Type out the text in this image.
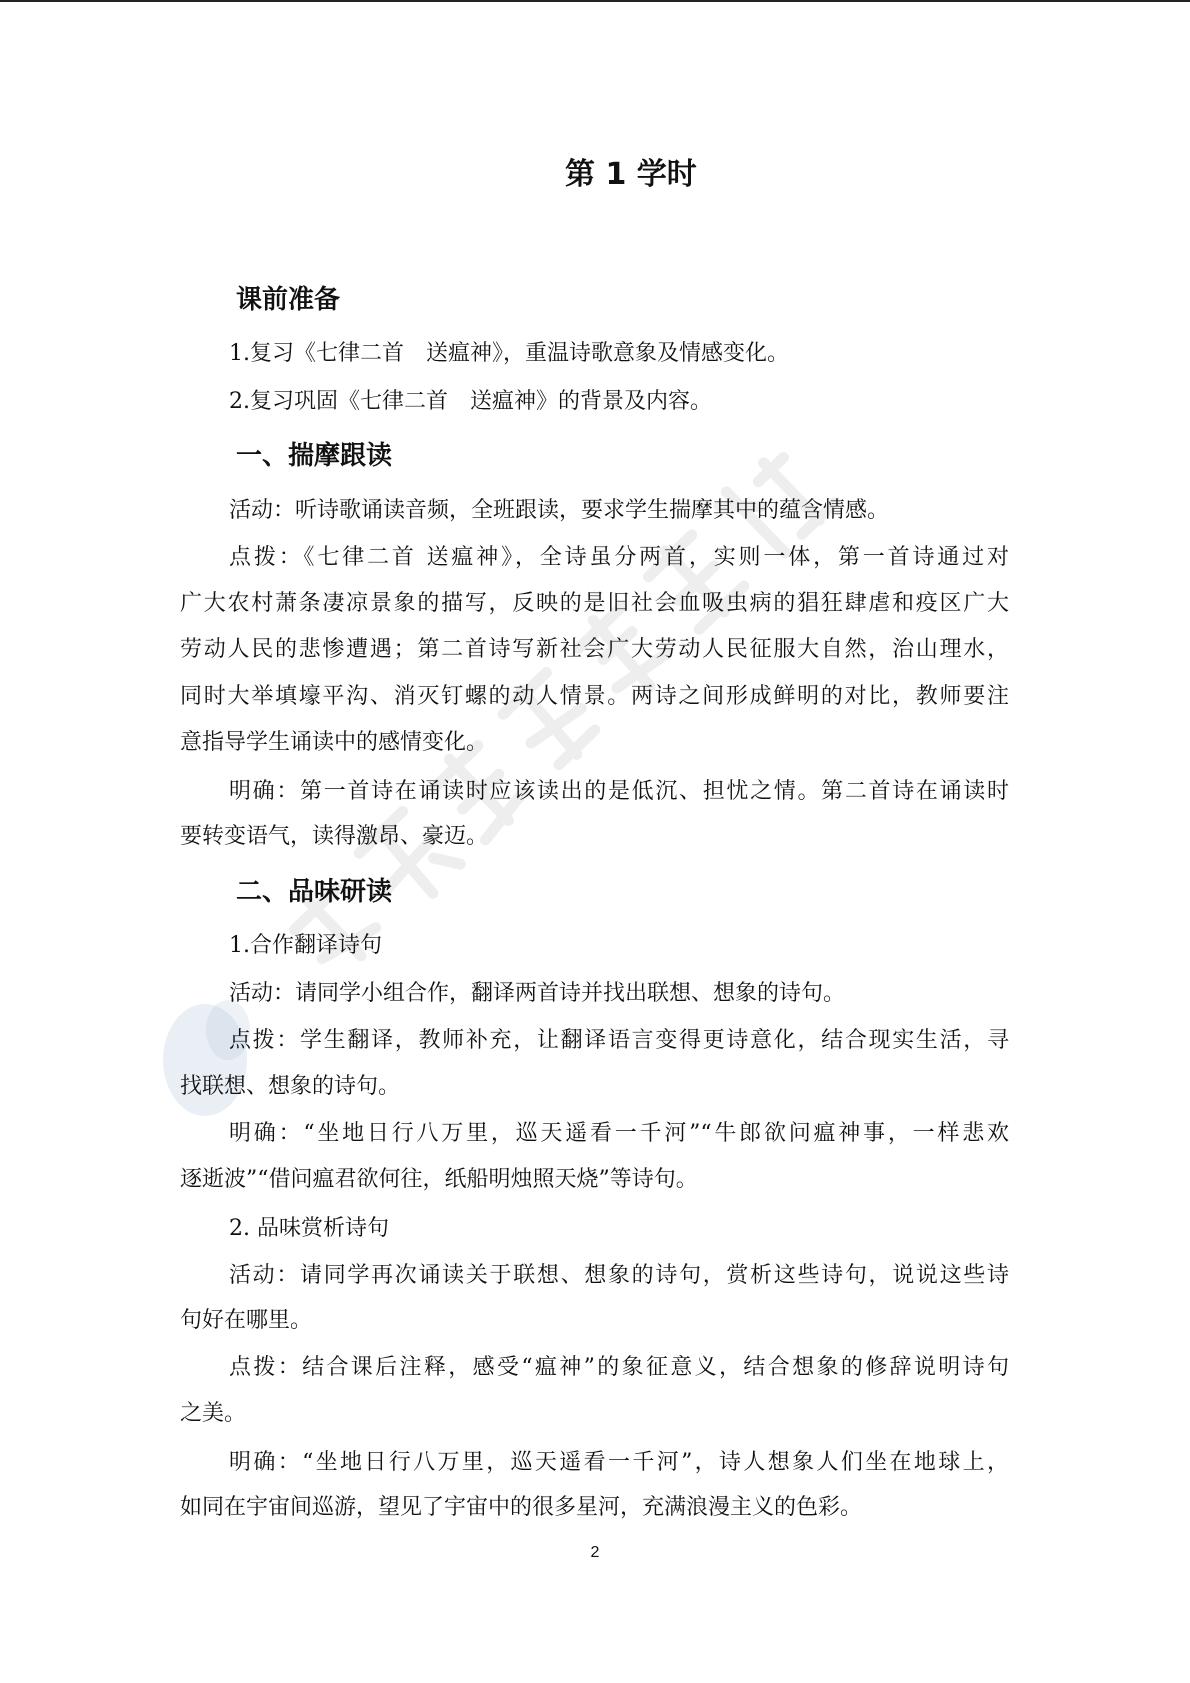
第 1 学时
课前准备
1.复习《七律二首　送瘟神》，重温诗歌意象及情感变化。
2.复习巩固《七律二首　送瘟神》的背景及内容。
一、揣摩跟读
活动：听诗歌诵读音频，全班跟读，要求学生揣摩其中的蕴含情感。
点拨：《七律二首 送瘟神》，全诗虽分两首，实则一体，第一首诗通过对
广大农村萧条凄凉景象的描写，反映的是旧社会血吸虫病的猖狂肆虐和疫区广大
劳动人民的悲惨遭遇；第二首诗写新社会广大劳动人民征服大自然，治山理水，
同时大举填壕平沟、消灭钉螺的动人情景。两诗之间形成鲜明的对比，教师要注
意指导学生诵读中的感情变化。
明确：第一首诗在诵读时应该读出的是低沉、担忧之情。第二首诗在诵读时
要转变语气，读得激昂、豪迈。
二、品味研读
1.合作翻译诗句
活动：请同学小组合作，翻译两首诗并找出联想、想象的诗句。
点拨：学生翻译，教师补充，让翻译语言变得更诗意化，结合现实生活，寻
找联想、想象的诗句。
明确：“坐地日行八万里，巡天遥看一千河”“牛郎欲问瘟神事，一样悲欢
逐逝波”“借问瘟君欲何往，纸船明烛照天烧”等诗句。
2. 品味赏析诗句
活动：请同学再次诵读关于联想、想象的诗句，赏析这些诗句，说说这些诗
句好在哪里。
点拨：结合课后注释，感受“瘟神”的象征意义，结合想象的修辞说明诗句
之美。
明确：“坐地日行八万里，巡天遥看一千河”，诗人想象人们坐在地球上，
如同在宇宙间巡游，望见了宇宙中的很多星河，充满浪漫主义的色彩。
2
